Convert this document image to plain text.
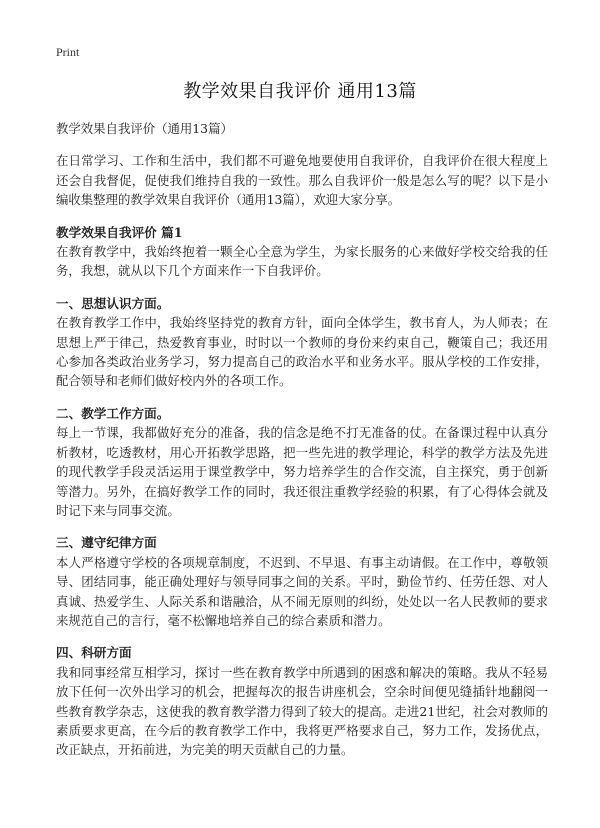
Print
教学效果自我评价 通用13篇

教学效果自我评价（通用13篇）

在日常学习、工作和生活中，我们都不可避免地要使用自我评价，自我评价在很大程度上还会自我督促，促使我们维持自我的一致性。那么自我评价一般是怎么写的呢？以下是小编收集整理的教学效果自我评价（通用13篇），欢迎大家分享。

教学效果自我评价 篇1

在教育教学中，我始终抱着一颗全心全意为学生，为家长服务的心来做好学校交给我的任务，我想，就从以下几个方面来作一下自我评价。

一、思想认识方面。

在教育教学工作中，我始终坚持党的教育方针，面向全体学生，教书育人，为人师表；在思想上严于律己，热爱教育事业，时时以一个教师的身份来约束自己，鞭策自己；我还用心参加各类政治业务学习，努力提高自己的政治水平和业务水平。服从学校的工作安排，配合领导和老师们做好校内外的各项工作。

二、教学工作方面。

每上一节课，我都做好充分的准备，我的信念是绝不打无准备的仗。在备课过程中认真分析教材，吃透教材，用心开拓教学思路，把一些先进的教学理论，科学的教学方法及先进的现代教学手段灵活运用于课堂教学中，努力培养学生的合作交流，自主探究，勇于创新等潜力。另外，在搞好教学工作的同时，我还很注重教学经验的积累，有了心得体会就及时记下来与同事交流。

三、遵守纪律方面

本人严格遵守学校的各项规章制度，不迟到、不早退、有事主动请假。在工作中，尊敬领导、团结同事，能正确处理好与领导同事之间的关系。平时，勤俭节约、任劳任怨、对人真诚、热爱学生、人际关系和谐融洽，从不闹无原则的纠纷，处处以一名人民教师的要求来规范自己的言行，毫不松懈地培养自己的综合素质和潜力。

四、科研方面

我和同事经常互相学习，探讨一些在教育教学中所遇到的困惑和解决的策略。我从不轻易放下任何一次外出学习的机会，把握每次的报告讲座机会，空余时间便见缝插针地翻阅一些教育教学杂志，这使我的教育教学潜力得到了较大的提高。走进21世纪，社会对教师的素质要求更高，在今后的教育教学工作中，我将更严格要求自己，努力工作，发扬优点，改正缺点，开拓前进，为完美的明天贡献自己的力量。
